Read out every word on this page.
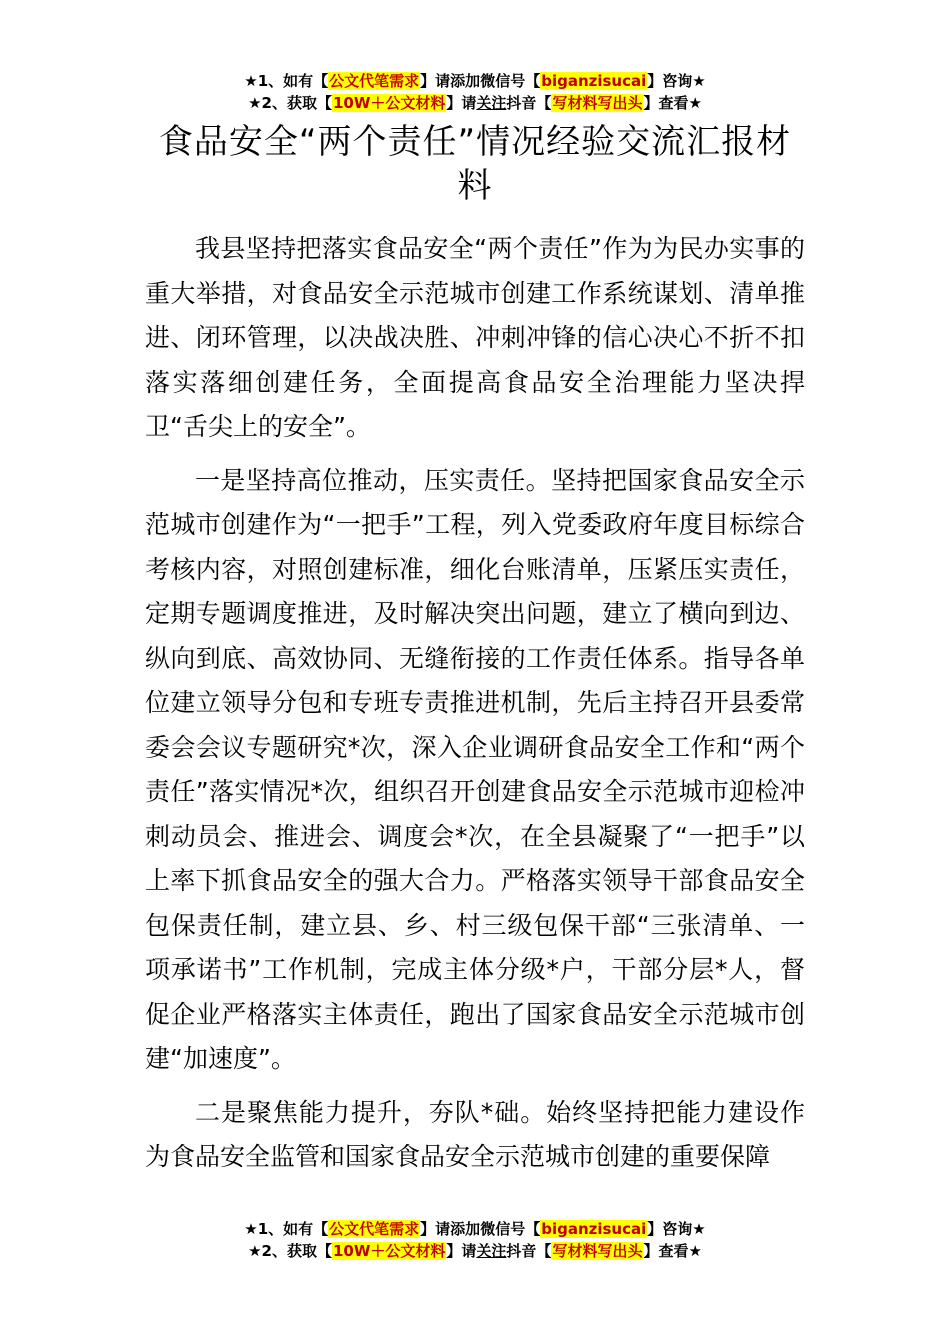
★1、如有【公文代笔需求】请添加微信号【biganzisucai】咨询★
★2、获取【10W＋公文材料】请关注抖音【写材料写出头】查看★
食品安全“两个责任”情况经验交流汇报材料

我县坚持把落实食品安全“两个责任”作为为民办实事的重大举措，对食品安全示范城市创建工作系统谋划、清单推进、闭环管理，以决战决胜、冲刺冲锋的信心决心不折不扣落实落细创建任务，全面提高食品安全治理能力坚决捍卫“舌尖上的安全”。

一是坚持高位推动，压实责任。坚持把国家食品安全示范城市创建作为“一把手”工程，列入党委政府年度目标综合考核内容，对照创建标准，细化台账清单，压紧压实责任，定期专题调度推进，及时解决突出问题，建立了横向到边、纵向到底、高效协同、无缝衔接的工作责任体系。指导各单位建立领导分包和专班专责推进机制，先后主持召开县委常委会会议专题研究*次，深入企业调研食品安全工作和“两个责任”落实情况*次，组织召开创建食品安全示范城市迎检冲刺动员会、推进会、调度会*次，在全县凝聚了“一把手”以上率下抓食品安全的强大合力。严格落实领导干部食品安全包保责任制，建立县、乡、村三级包保干部“三张清单、一项承诺书”工作机制，完成主体分级*户，干部分层*人，督促企业严格落实主体责任，跑出了国家食品安全示范城市创建“加速度”。

二是聚焦能力提升，夯队*础。始终坚持把能力建设作为食品安全监管和国家食品安全示范城市创建的重要保障

★1、如有【公文代笔需求】请添加微信号【biganzisucai】咨询★
★2、获取【10W＋公文材料】请关注抖音【写材料写出头】查看★
